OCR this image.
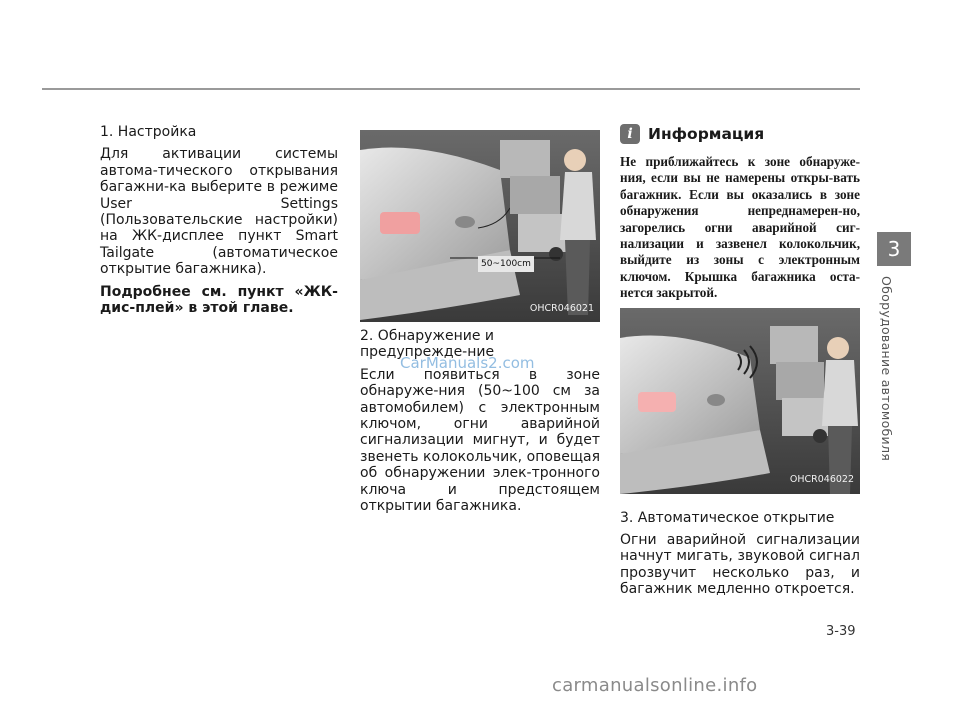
1. Настройка

Для активации системы автома-тического открывания багажни-ка выберите в режиме User Settings (Пользовательские настройки) на ЖК-дисплее пункт Smart Tailgate (автоматическое открытие багажника).

Подробнее см. пункт «ЖК-дис-плей» в этой главе.

50~100cm
OHCR046021
2. Обнаружение и предупрежде-ние

Если появиться в зоне обнаруже-ния (50~100 см за автомобилем) с электронным ключом, огни аварийной сигнализации мигнут, и будет звенеть колокольчик, оповещая об обнаружении элек-тронного ключа и предстоящем открытии багажника.

i Информация

Не приближайтесь к зоне обнаруже-ния, если вы не намерены откры-вать багажник. Если вы оказались в зоне обнаружения непреднамерен-но, загорелись огни аварийной сиг-нализации и зазвенел колокольчик, выйдите из зоны с электронным ключом. Крышка багажника оста-нется закрытой.

OHCR046022
3. Автоматическое открытие

Огни аварийной сигнализации начнут мигать, звуковой сигнал прозвучит несколько раз, и багажник медленно откроется.

3
Оборудование автомобиля
3-39
CarManuals2.com
carmanualsonline.info
